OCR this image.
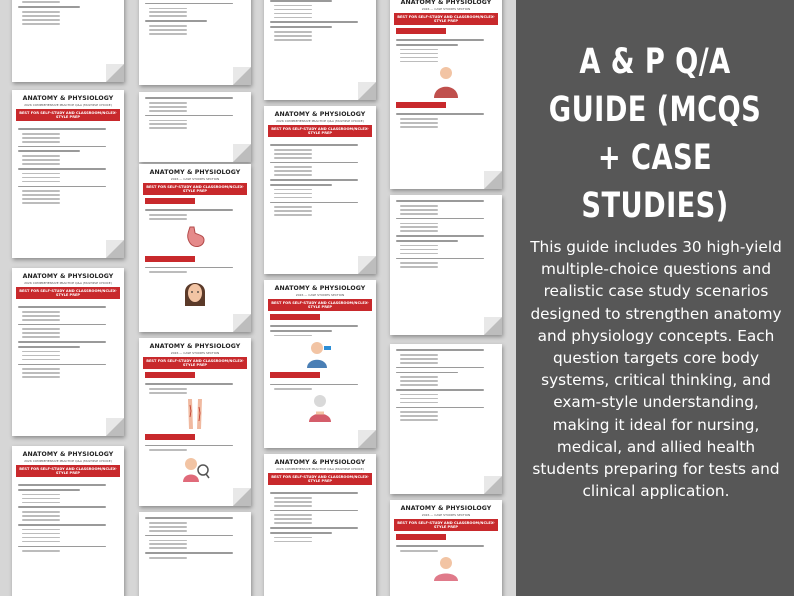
ANATOMY & PHYSIOLOGY
2026 COMPREHENSIVE PRACTICE Q&A (MULTIPLE CHOICE)
BEST FOR SELF-STUDY AND CLASSROOM/NCLEX-STYLE PREP
ANATOMY & PHYSIOLOGY
2026 COMPREHENSIVE PRACTICE Q&A (MULTIPLE CHOICE)
BEST FOR SELF-STUDY AND CLASSROOM/NCLEX-STYLE PREP
ANATOMY & PHYSIOLOGY
2026 COMPREHENSIVE PRACTICE Q&A (MULTIPLE CHOICE)
BEST FOR SELF-STUDY AND CLASSROOM/NCLEX-STYLE PREP
ANATOMY & PHYSIOLOGY
2026 — CASE STUDIES SECTION
BEST FOR SELF-STUDY AND CLASSROOM/NCLEX-STYLE PREP
ANATOMY & PHYSIOLOGY
2026 — CASE STUDIES SECTION
BEST FOR SELF-STUDY AND CLASSROOM/NCLEX-STYLE PREP
ANATOMY & PHYSIOLOGY
2026 COMPREHENSIVE PRACTICE Q&A (MULTIPLE CHOICE)
BEST FOR SELF-STUDY AND CLASSROOM/NCLEX-STYLE PREP
ANATOMY & PHYSIOLOGY
2026 — CASE STUDIES SECTION
BEST FOR SELF-STUDY AND CLASSROOM/NCLEX-STYLE PREP
ANATOMY & PHYSIOLOGY
2026 COMPREHENSIVE PRACTICE Q&A (MULTIPLE CHOICE)
BEST FOR SELF-STUDY AND CLASSROOM/NCLEX-STYLE PREP
ANATOMY & PHYSIOLOGY
2026 — CASE STUDIES SECTION
BEST FOR SELF-STUDY AND CLASSROOM/NCLEX-STYLE PREP
ANATOMY & PHYSIOLOGY
2026 — CASE STUDIES SECTION
BEST FOR SELF-STUDY AND CLASSROOM/NCLEX-STYLE PREP
A & P Q/A GUIDE (MCQS + CASE STUDIES)
This guide includes 30 high-yield multiple-choice questions and realistic case study scenarios designed to strengthen anatomy and physiology concepts. Each question targets core body systems, critical thinking, and exam-style understanding, making it ideal for nursing, medical, and allied health students preparing for tests and clinical application.
